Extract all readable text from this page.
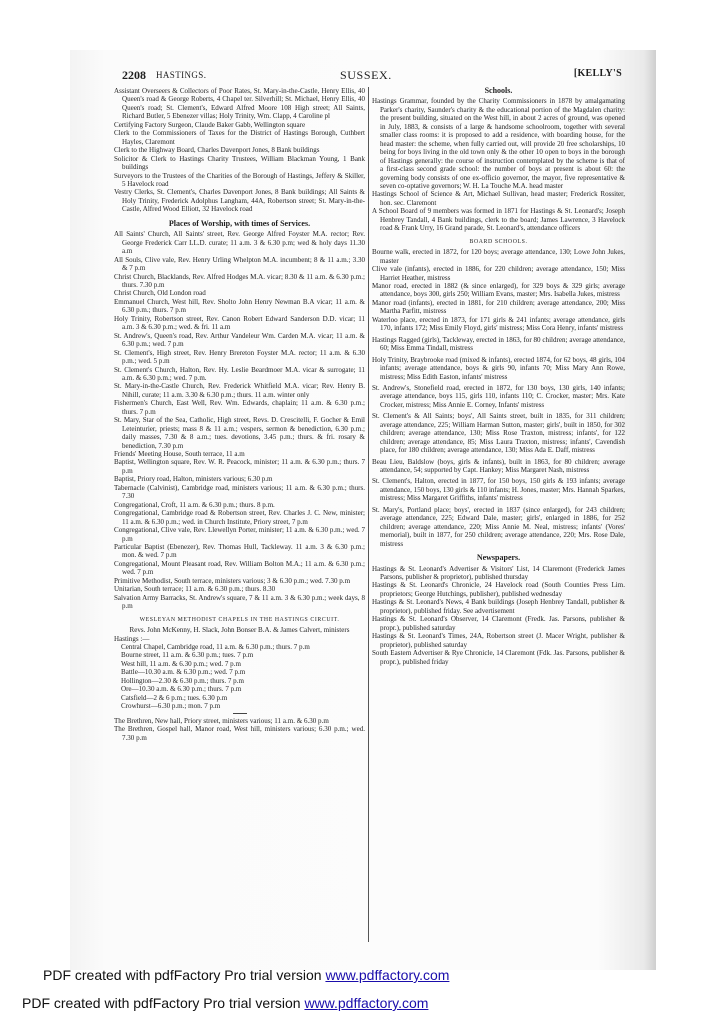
2208 HASTINGS.	SUSSEX.	[KELLY'S

Assistant Overseers & Collectors of Poor Rates, St. Mary-in-the-Castle, Henry Ellis, 40 Queen's road & George Roberts, 4 Chapel ter. Silverhill; St. Michael, Henry Ellis, 40 Queen's road; St. Clement's, Edward Alfred Moore 108 High street; All Saints, Richard Butler, 5 Ebenezer villas; Holy Trinity, Wm. Clapp, 4 Caroline pl

Certifying Factory Surgeon, Claude Baker Gabb, Wellington square

Clerk to the Commissioners of Taxes for the District of Hastings Borough, Cuthbert Hayles, Claremont

Clerk to the Highway Board, Charles Davenport Jones, 8 Bank buildings

Solicitor & Clerk to Hastings Charity Trustees, William Blackman Young, 1 Bank buildings

Surveyors to the Trustees of the Charities of the Borough of Hastings, Jeffery & Skiller, 5 Havelock road

Vestry Clerks, St. Clement's, Charles Davenport Jones, 8 Bank buildings; All Saints & Holy Trinity, Frederick Adolphus Langham, 44A, Robertson street; St. Mary-in-the-Castle, Alfred Wood Elliott, 32 Havelock road

Places of Worship, with times of Services.

All Saints' Church, All Saints' street, Rev. George Alfred Foyster M.A. rector; Rev. George Frederick Carr LL.D. curate; 11 a.m. 3 & 6.30 p.m; wed & holy days 11.30 a.m

All Souls, Clive vale, Rev. Henry Urling Whelpton M.A. incumbent; 8 & 11 a.m.; 3.30 & 7 p.m

Christ Church, Blacklands, Rev. Alfred Hodges M.A. vicar; 8.30 & 11 a.m. & 6.30 p.m.; thurs. 7.30 p.m

Christ Church, Old London road

Emmanuel Church, West hill, Rev. Sholto John Henry Newman B.A vicar; 11 a.m. & 6.30 p.m.; thurs. 7 p.m

Holy Trinity, Robertson street, Rev. Canon Robert Edward Sanderson D.D. vicar; 11 a.m. 3 & 6.30 p.m.; wed. & fri. 11 a.m

St. Andrew's, Queen's road, Rev. Arthur Vandeleur Wm. Carden M.A. vicar; 11 a.m. & 6.30 p.m.; wed. 7 p.m

St. Clement's, High street, Rev. Henry Brereton Foyster M.A. rector; 11 a.m. & 6.30 p.m.; wed. 5 p.m

St. Clement's Church, Halton, Rev. Hy. Leslie Beardmoer M.A. vicar & surrogate; 11 a.m. & 6.30 p.m.; wed. 7 p.m.

St. Mary-in-the-Castle Church, Rev. Frederick Whitfield M.A. vicar; Rev. Henry B. Nihill, curate; 11 a.m. 3.30 & 6.30 p.m.; thurs. 11 a.m. winter only

Fishermen's Church, East Well, Rev. Wm. Edwards, chaplain; 11 a.m. & 6.30 p.m.; thurs. 7 p.m

St. Mary, Star of the Sea, Catholic, High street, Revs. D. Crescitelli, F. Gocher & Emil Leteinturier, priests; mass 8 & 11 a.m.; vespers, sermon & benediction, 6.30 p.m.; daily masses, 7.30 & 8 a.m.; tues. devotions, 3.45 p.m.; thurs. & fri. rosary & benediction, 7.30 p.m

Friends' Meeting House, South terrace, 11 a.m

Baptist, Wellington square, Rev. W. R. Peacock, minister; 11 a.m. & 6.30 p.m.; thurs. 7 p.m

Baptist, Priory road, Halton, ministers various; 6.30 p.m

Tabernacle (Calvinist), Cambridge road, ministers various; 11 a.m. & 6.30 p.m.; thurs. 7.30

Congregational, Croft, 11 a.m. & 6.30 p.m.; thurs. 8 p.m.

Congregational, Cambridge road & Robertson street, Rev. Charles J. C. New, minister; 11 a.m. & 6.30 p.m.; wed. in Church Institute, Priory street, 7 p.m

Congregational, Clive vale, Rev. Llewellyn Porter, minister; 11 a.m. & 6.30 p.m.; wed. 7 p.m

Particular Baptist (Ebenezer), Rev. Thomas Hull, Tackleway. 11 a.m. 3 & 6.30 p.m.; mon. & wed. 7 p.m

Congregational, Mount Pleasant road, Rev. William Bolton M.A.; 11 a.m. & 6.30 p.m.; wed. 7 p.m

Primitive Methodist, South terrace, ministers various; 3 & 6.30 p.m.; wed. 7.30 p.m

Unitarian, South terrace; 11 a.m. & 6.30 p.m.; thurs. 8.30

Salvation Army Barracks, St. Andrew's square, 7 & 11 a.m. 3 & 6.30 p.m.; week days, 8 p.m

WESLEYAN METHODIST CHAPELS IN THE HASTINGS CIRCUIT.

Revs. John McKenny, H. Slack, John Bonser B.A. & James Calvert, ministers

Hastings :—

Central Chapel, Cambridge road, 11 a.m. & 6.30 p.m.; thurs. 7 p.m

Bourne street, 11 a.m. & 6.30 p.m.; tues. 7 p.m

West hill, 11 a.m. & 6.30 p.m.; wed. 7 p.m

Battle—10.30 a.m. & 6.30 p.m.; wed. 7 p.m

Hollington—2.30 & 6.30 p.m.; thurs. 7 p.m

Ore—10.30 a.m. & 6.30 p.m.; thurs. 7 p.m

Catsfield—2 & 6 p.m.; tues. 6.30 p.m

Crowhurst—6.30 p.m.; mon. 7 p.m

The Brethren, New hall, Priory street, ministers various; 11 a.m. & 6.30 p.m

The Brethren, Gospel hall, Manor road, West hill, ministers various; 6.30 p.m.; wed. 7.30 p.m

Schools.

Hastings Grammar, founded by the Charity Commissioners in 1878 by amalgamating Parker's charity, Saunder's charity & the educational portion of the Magdalen charity: the present building, situated on the West hill, in about 2 acres of ground, was opened in July, 1883, & consists of a large & handsome schoolroom, together with several smaller class rooms: it is proposed to add a residence, with boarding house, for the head master: the scheme, when fully carried out, will provide 20 free scholarships, 10 being for boys living in the old town only & the other 10 open to boys in the borough of Hastings generally: the course of instruction contemplated by the scheme is that of a first-class second grade school: the number of boys at present is about 60: the governing body consists of one ex-officio governor, the mayor, five representative & seven co-optative governors; W. H. La Touche M.A. head master

Hastings School of Science & Art, Michael Sullivan, head master; Frederick Rossiter, hon. sec. Claremont

A School Board of 9 members was formed in 1871 for Hastings & St. Leonard's; Joseph Henbrey Tandall, 4 Bank buildings, clerk to the board; James Lawrence, 3 Havelock road & Frank Urry, 16 Grand parade, St. Leonard's, attendance officers

BOARD SCHOOLS.

Bourne walk, erected in 1872, for 120 boys; average attendance, 130; Lowe John Jukes, master

Clive vale (infants), erected in 1886, for 220 children; average attendance, 150; Miss Harriet Heather, mistress

Manor road, erected in 1882 (& since enlarged), for 329 boys & 329 girls; average attendance, boys 300, girls 250; William Evans, master; Mrs. Isabella Jukes, mistress

Manor road (infants), erected in 1881, for 210 children; average attendance, 200; Miss Martha Parfitt, mistress

Waterloo place, erected in 1873, for 171 girls & 241 infants; average attendance, girls 170, infants 172; Miss Emily Floyd, girls' mistress; Miss Cora Henry, infants' mistress

Hastings Ragged (girls), Tackleway, erected in 1863, for 80 children; average attendance, 60; Miss Emma Tindall, mistress

Holy Trinity, Braybrooke road (mixed & infants), erected 1874, for 62 boys, 48 girls, 104 infants; average attendance, boys & girls 90, infants 70; Miss Mary Ann Rowe, mistress; Miss Edith Easton, infants' mistress

St. Andrew's, Stonefield road, erected in 1872, for 130 boys, 130 girls, 140 infants; average attendance, boys 115, girls 110, infants 110; C. Crocker, master; Mrs. Kate Crocker, mistress; Miss Annie E. Corney, Infants' mistress

St. Clement's & All Saints; boys', All Saints street, built in 1835, for 311 children; average attendance, 225; William Harman Sutton, master; girls', built in 1850, for 302 children; average attendance, 130; Miss Rose Traxton, mistress; infants', for 122 children; average attendance, 85; Miss Laura Traxton, mistress; infants', Cavendish place, for 180 children; average attendance, 130; Miss Ada E. Daff, mistress

Beau Lieu, Baldslow (boys, girls & infants), built in 1863, for 80 children; average attendance, 54; supported by Capt. Hankey; Miss Margaret Nash, mistress

St. Clement's, Halton, erected in 1877, for 150 boys, 150 girls & 193 infants; average attendance, 150 boys, 130 girls & 110 infants; H. Jones, master; Mrs. Hannah Sparkes, mistress; Miss Margaret Griffiths, infants' mistress

St. Mary's, Portland place; boys', erected in 1837 (since enlarged), for 243 children; average attendance, 225; Edward Dale, master; girls', enlarged in 1886, for 252 children; average attendance, 220; Miss Annie M. Neal, mistress; infants' (Vores' memorial), built in 1877, for 250 children; average attendance, 220; Mrs. Rose Dale, mistress

Newspapers.

Hastings & St. Leonard's Advertiser & Visitors' List, 14 Claremont (Frederick James Parsons, publisher & proprietor), published thursday

Hastings & St. Leonard's Chronicle, 24 Havelock road (South Counties Press Lim. proprietors; George Hutchings, publisher), published wednesday

Hastings & St. Leonard's News, 4 Bank buildings (Joseph Henbrey Tandall, publisher & proprietor), published friday. See advertisement

Hastings & St. Leonard's Observer, 14 Claremont (Fredk. Jas. Parsons, publisher & propr.), published saturday

Hastings & St. Leonard's Times, 24A, Robertson street (J. Macer Wright, publisher & proprietor), published saturday

South Eastern Advertiser & Rye Chronicle, 14 Claremont (Fdk. Jas. Parsons, publisher & propr.), published friday

PDF created with pdfFactory Pro trial version www.pdffactory.com
PDF created with pdfFactory Pro trial version www.pdffactory.com
